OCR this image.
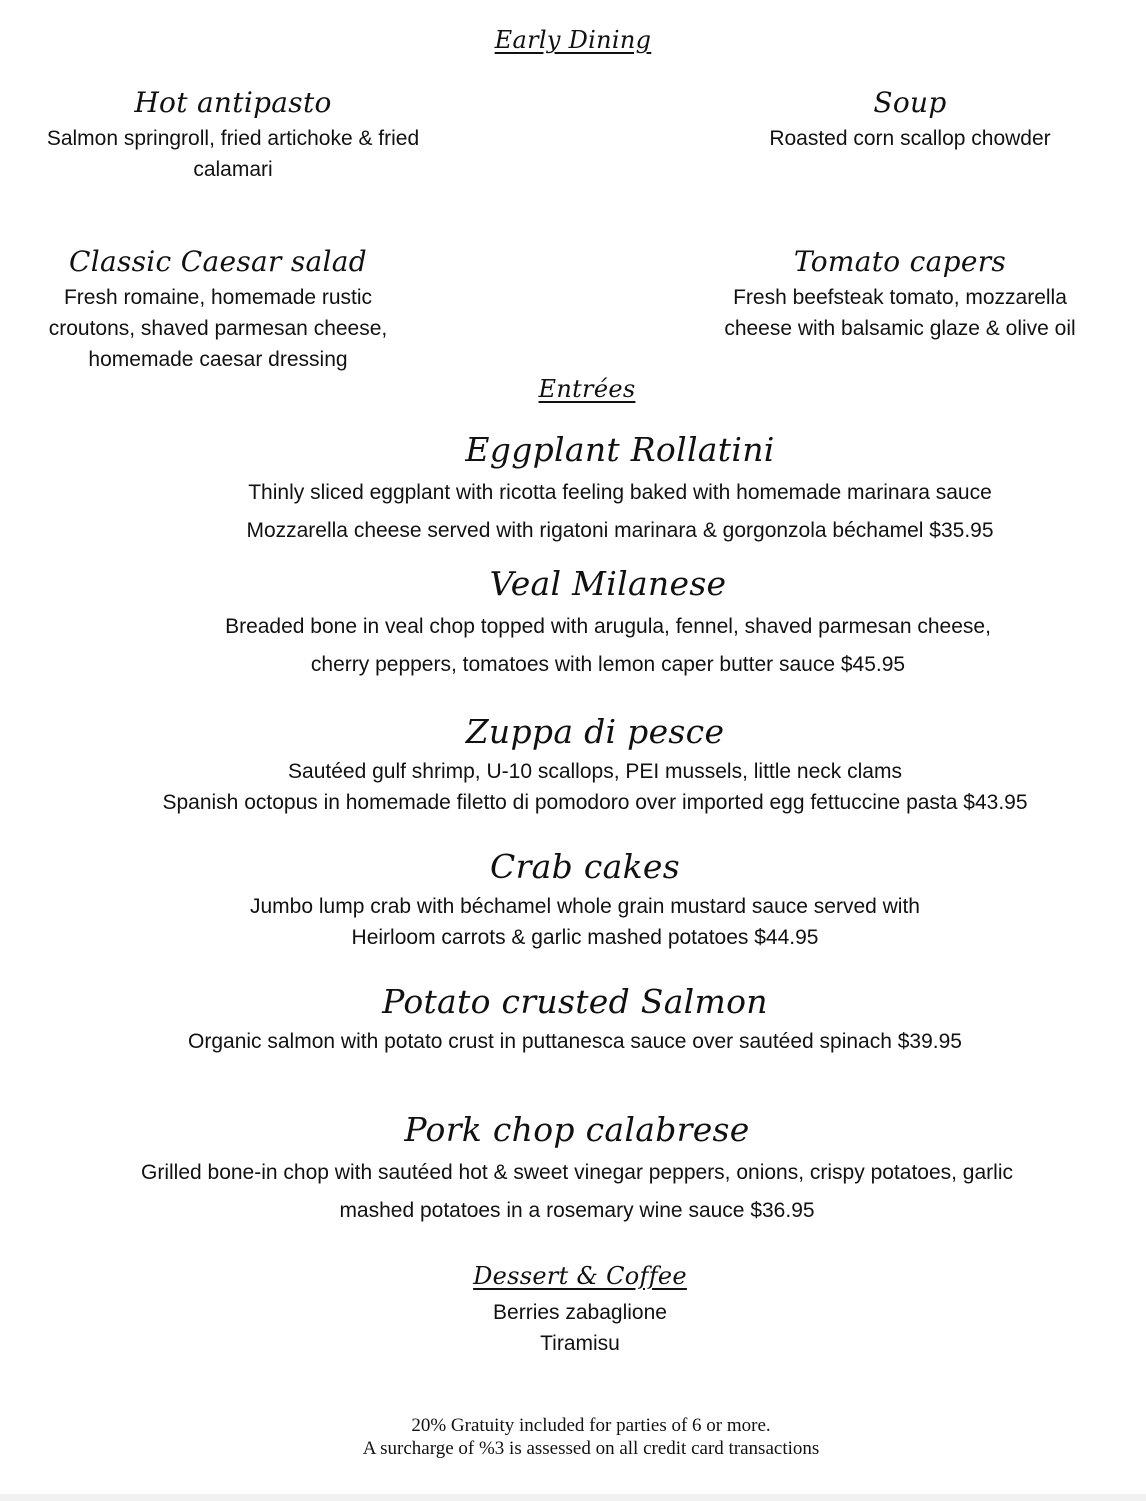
Early Dining
Hot antipasto
Salmon springroll, fried artichoke & fried
calamari
Soup
Roasted corn scallop chowder
Classic Caesar salad
Fresh romaine, homemade rustic
croutons, shaved parmesan cheese,
homemade caesar dressing
Tomato capers
Fresh beefsteak tomato, mozzarella
cheese with balsamic glaze & olive oil
Entrées
Eggplant Rollatini
Thinly sliced eggplant with ricotta feeling baked with homemade marinara sauce
Mozzarella cheese served with rigatoni marinara & gorgonzola béchamel $35.95
Veal Milanese
Breaded bone in veal chop topped with arugula, fennel, shaved parmesan cheese,
cherry peppers, tomatoes with lemon caper butter sauce $45.95
Zuppa di pesce
Sautéed gulf shrimp, U-10 scallops, PEI mussels, little neck clams
Spanish octopus in homemade filetto di pomodoro over imported egg fettuccine pasta $43.95
Crab cakes
Jumbo lump crab with béchamel whole grain mustard sauce served with
Heirloom carrots & garlic mashed potatoes $44.95
Potato crusted Salmon
Organic salmon with potato crust in puttanesca sauce over sautéed spinach $39.95
Pork chop calabrese
Grilled bone-in chop with sautéed hot & sweet vinegar peppers, onions, crispy potatoes, garlic
mashed potatoes in a rosemary wine sauce $36.95
Dessert & Coffee
Berries zabaglione
Tiramisu
20% Gratuity included for parties of 6 or more.
A surcharge of %3 is assessed on all credit card transactions
